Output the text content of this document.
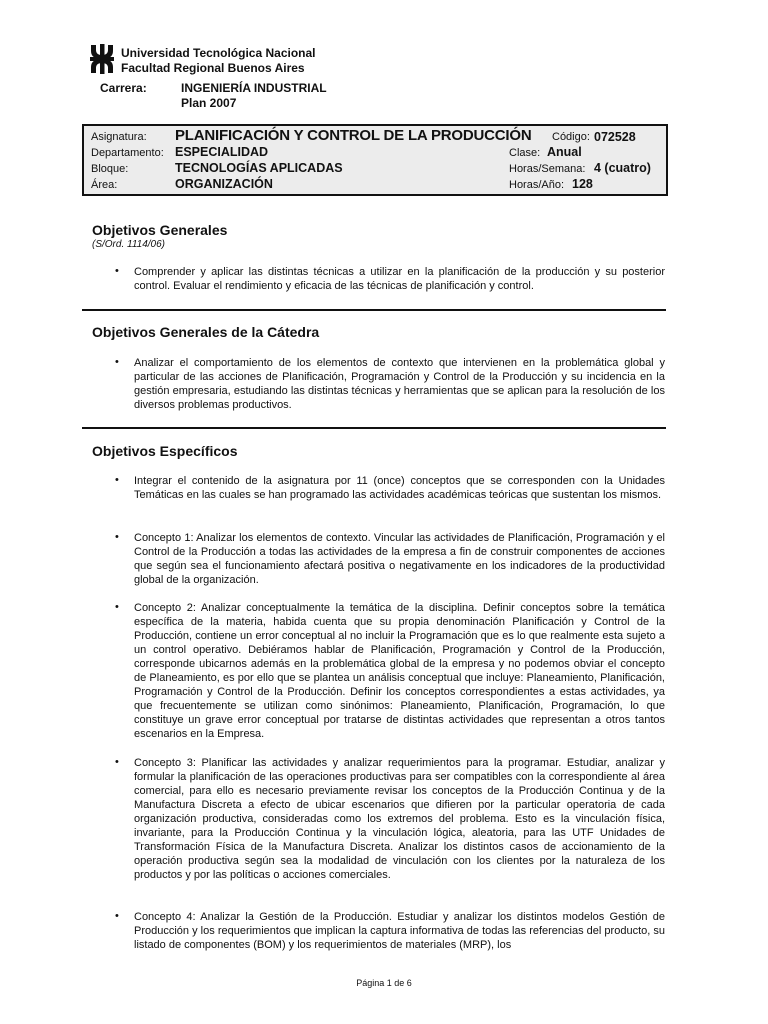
Universidad Tecnológica Nacional
Facultad Regional Buenos Aires
Carrera:	INGENIERÍA INDUSTRIAL
Plan 2007
Asignatura: PLANIFICACIÓN Y CONTROL DE LA PRODUCCIÓN Código: 072528
Departamento: ESPECIALIDAD	Clase: Anual
Bloque:	TECNOLOGÍAS APLICADAS	Horas/Semana: 4 (cuatro)
Área:	ORGANIZACIÓN	Horas/Año: 128
Objetivos Generales
(S/Ord. 1114/06)
• Comprender y aplicar las distintas técnicas a utilizar en la planificación de la producción y su posterior control. Evaluar el rendimiento y eficacia de las técnicas de planificación y control.
Objetivos Generales de la Cátedra
• Analizar el comportamiento de los elementos de contexto que intervienen en la problemática global y particular de las acciones de Planificación, Programación y Control de la Producción y su incidencia en la gestión empresaria, estudiando las distintas técnicas y herramientas que se aplican para la resolución de los diversos problemas productivos.
Objetivos Específicos
• Integrar el contenido de la asignatura por 11 (once) conceptos que se corresponden con la Unidades Temáticas en las cuales se han programado las actividades académicas teóricas que sustentan los mismos.
• Concepto 1: Analizar los elementos de contexto. Vincular las actividades de Planificación, Programación y el Control de la Producción a todas las actividades de la empresa a fin de construir componentes de acciones que según sea el funcionamiento afectará positiva o negativamente en los indicadores de la productividad global de la organización.
• Concepto 2: Analizar conceptualmente la temática de la disciplina. Definir conceptos sobre la temática específica de la materia, habida cuenta que su propia denominación Planificación y Control de la Producción, contiene un error conceptual al no incluir la Programación que es lo que realmente esta sujeto a un control operativo. Debiéramos hablar de Planificación, Programación y Control de la Producción, corresponde ubicarnos además en la problemática global de la empresa y no podemos obviar el concepto de Planeamiento, es por ello que se plantea un análisis conceptual que incluye: Planeamiento, Planificación, Programación y Control de la Producción. Definir los conceptos correspondientes a estas actividades, ya que frecuentemente se utilizan como sinónimos: Planeamiento, Planificación, Programación, lo que constituye un grave error conceptual por tratarse de distintas actividades que representan a otros tantos escenarios en la Empresa.
• Concepto 3: Planificar las actividades y analizar requerimientos para la programar. Estudiar, analizar y formular la planificación de las operaciones productivas para ser compatibles con la correspondiente al área comercial, para ello es necesario previamente revisar los conceptos de la Producción Continua y de la Manufactura Discreta a efecto de ubicar escenarios que difieren por la particular operatoria de cada organización productiva, consideradas como los extremos del problema. Esto es la vinculación física, invariante, para la Producción Continua y la vinculación lógica, aleatoria, para las UTF Unidades de Transformación Física de la Manufactura Discreta. Analizar los distintos casos de accionamiento de la operación productiva según sea la modalidad de vinculación con los clientes por la naturaleza de los productos y por las políticas o acciones comerciales.
• Concepto 4: Analizar la Gestión de la Producción. Estudiar y analizar los distintos modelos Gestión de Producción y los requerimientos que implican la captura informativa de todas las referencias del producto, su listado de componentes (BOM) y los requerimientos de materiales (MRP), los
Página 1 de 6
